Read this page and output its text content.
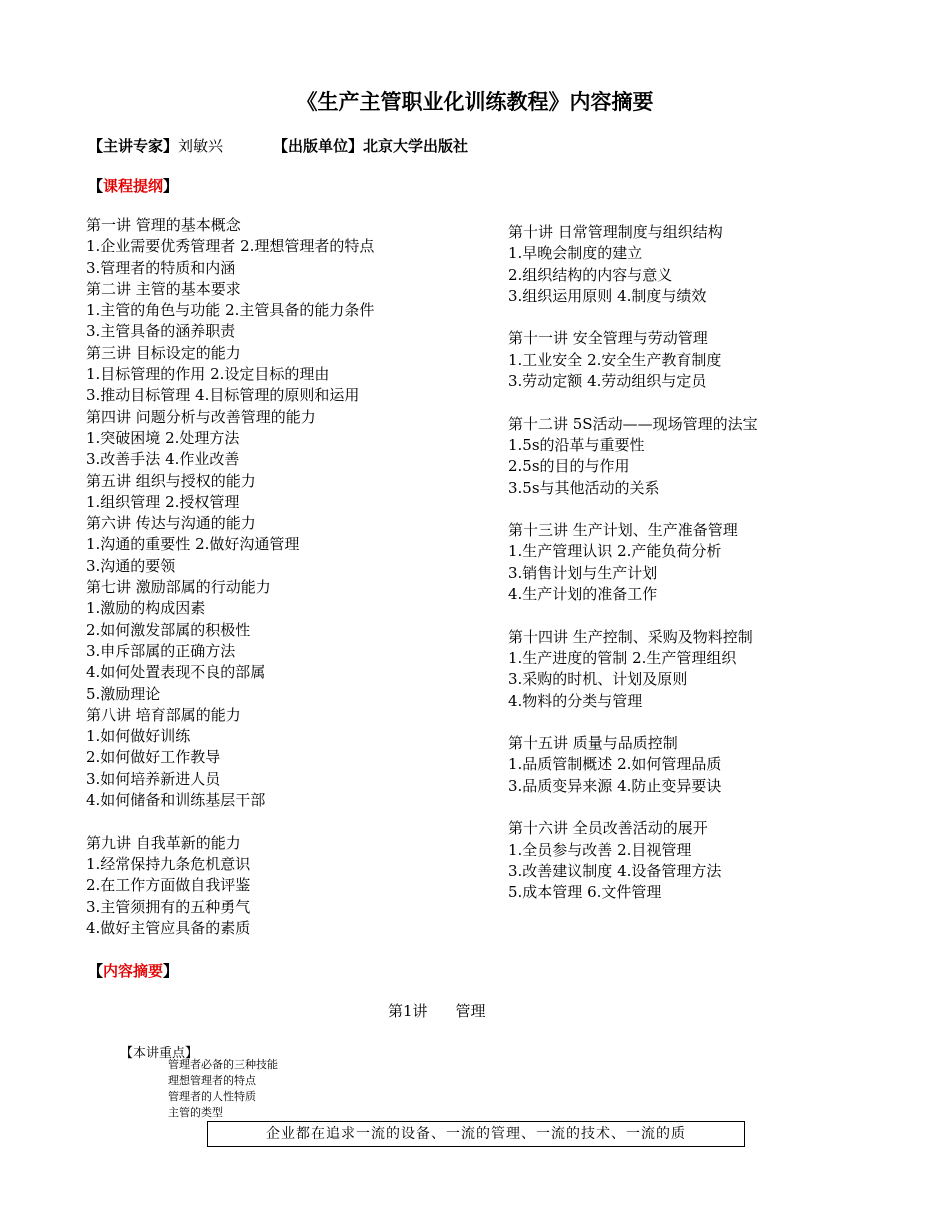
《生产主管职业化训练教程》内容摘要
【主讲专家】刘敏兴	【出版单位】北京大学出版社
【课程提纲】
第一讲 管理的基本概念
1.企业需要优秀管理者 2.理想管理者的特点
3.管理者的特质和内涵
第二讲 主管的基本要求
1.主管的角色与功能 2.主管具备的能力条件
3.主管具备的涵养职责
第三讲 目标设定的能力
1.目标管理的作用 2.设定目标的理由
3.推动目标管理 4.目标管理的原则和运用
第四讲 问题分析与改善管理的能力
1.突破困境 2.处理方法
3.改善手法 4.作业改善
第五讲 组织与授权的能力
1.组织管理 2.授权管理
第六讲 传达与沟通的能力
1.沟通的重要性 2.做好沟通管理
3.沟通的要领
第七讲 激励部属的行动能力
1.激励的构成因素
2.如何激发部属的积极性
3.申斥部属的正确方法
4.如何处置表现不良的部属
5.激励理论
第八讲 培育部属的能力
1.如何做好训练
2.如何做好工作教导
3.如何培养新进人员
4.如何储备和训练基层干部
第九讲 自我革新的能力
1.经常保持九条危机意识
2.在工作方面做自我评鉴
3.主管须拥有的五种勇气
4.做好主管应具备的素质
第十讲 日常管理制度与组织结构
1.早晚会制度的建立
2.组织结构的内容与意义
3.组织运用原则 4.制度与绩效
第十一讲 安全管理与劳动管理
1.工业安全 2.安全生产教育制度
3.劳动定额 4.劳动组织与定员
第十二讲 5S活动——现场管理的法宝
1.5s的沿革与重要性
2.5s的目的与作用
3.5s与其他活动的关系
第十三讲 生产计划、生产准备管理
1.生产管理认识 2.产能负荷分析
3.销售计划与生产计划
4.生产计划的准备工作
第十四讲 生产控制、采购及物料控制
1.生产进度的管制 2.生产管理组织
3.采购的时机、计划及原则
4.物料的分类与管理
第十五讲 质量与品质控制
1.品质管制概述 2.如何管理品质
3.品质变异来源 4.防止变异要诀
第十六讲 全员改善活动的展开
1.全员参与改善 2.目视管理
3.改善建议制度 4.设备管理方法
5.成本管理 6.文件管理
【内容摘要】
第1讲 管理
【本讲重点】
管理者必备的三种技能
理想管理者的特点
管理者的人性特质
主管的类型
企业都在追求一流的设备、一流的管理、一流的技术、一流的质
